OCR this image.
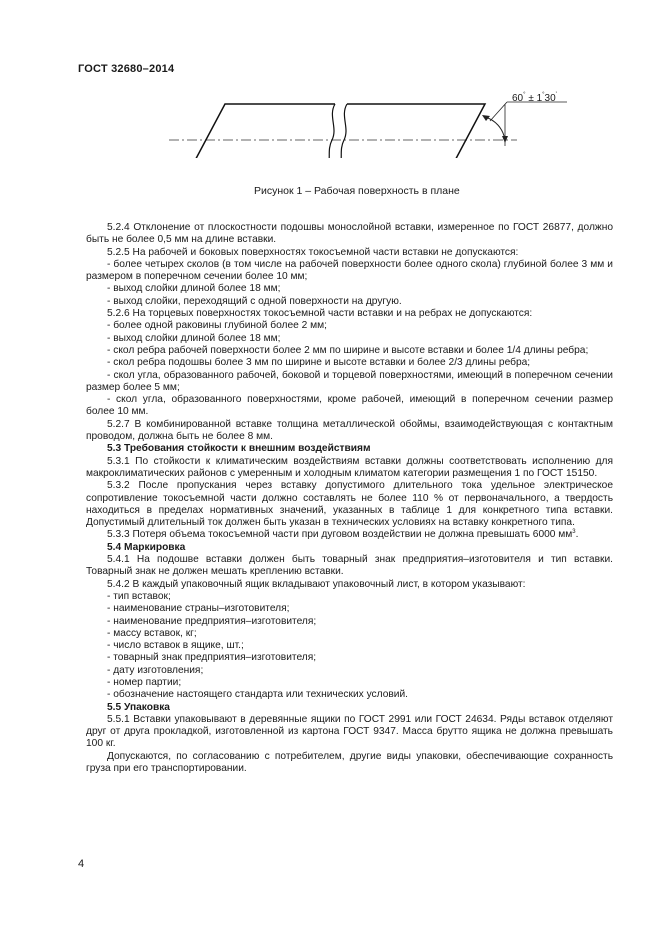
ГОСТ 32680–2014
60° ± 1°30'
Рисунок 1 – Рабочая поверхность в плане

5.2.4 Отклонение от плоскостности подошвы монослойной вставки, измеренное по ГОСТ 26877, должно быть не более 0,5 мм на длине вставки.

5.2.5 На рабочей и боковых поверхностях токосъемной части вставки не допускаются:

- более четырех сколов (в том числе на рабочей поверхности более одного скола) глубиной более 3 мм и размером в поперечном сечении более 10 мм;

- выход слойки длиной более 18 мм;

- выход слойки, переходящий с одной поверхности на другую.

5.2.6 На торцевых поверхностях токосъемной части вставки и на ребрах не допускаются:

- более одной раковины глубиной более 2 мм;

- выход слойки длиной более 18 мм;

- скол ребра рабочей поверхности более 2 мм по ширине и высоте вставки и более 1/4 длины ребра;

- скол ребра подошвы более 3 мм по ширине и высоте вставки и более 2/3 длины ребра;

- скол угла, образованного рабочей, боковой и торцевой поверхностями, имеющий в поперечном сечении размер более 5 мм;

- скол угла, образованного поверхностями, кроме рабочей, имеющий в поперечном сечении размер более 10 мм.

5.2.7 В комбинированной вставке толщина металлической обоймы, взаимодействующая с контактным проводом, должна быть не более 8 мм.

5.3 Требования стойкости к внешним воздействиям

5.3.1 По стойкости к климатическим воздействиям вставки должны соответствовать исполнению для макроклиматических районов с умеренным и холодным климатом категории размещения 1 по ГОСТ 15150.

5.3.2 После пропускания через вставку допустимого длительного тока удельное электрическое сопротивление токосъемной части должно составлять не более 110 % от первоначального, а твердость находиться в пределах нормативных значений, указанных в таблице 1 для конкретного типа вставки. Допустимый длительный ток должен быть указан в технических условиях на вставку конкретного типа.

5.3.3 Потеря объема токосъемной части при дуговом воздействии не должна превышать 6000 $мм^3$.

5.4 Маркировка

5.4.1 На подошве вставки должен быть товарный знак предприятия–изготовителя и тип вставки. Товарный знак не должен мешать креплению вставки.

5.4.2 В каждый упаковочный ящик вкладывают упаковочный лист, в котором указывают:

- тип вставок;

- наименование страны–изготовителя;

- наименование предприятия–изготовителя;

- массу вставок, кг;

- число вставок в ящике, шт.;

- товарный знак предприятия–изготовителя;

- дату изготовления;

- номер партии;

- обозначение настоящего стандарта или технических условий.

5.5 Упаковка

5.5.1 Вставки упаковывают в деревянные ящики по ГОСТ 2991 или ГОСТ 24634. Ряды вставок отделяют друг от друга прокладкой, изготовленной из картона ГОСТ 9347. Масса брутто ящика не должна превышать 100 кг.

Допускаются, по согласованию с потребителем, другие виды упаковки, обеспечивающие сохранность груза при его транспортировании.

4
